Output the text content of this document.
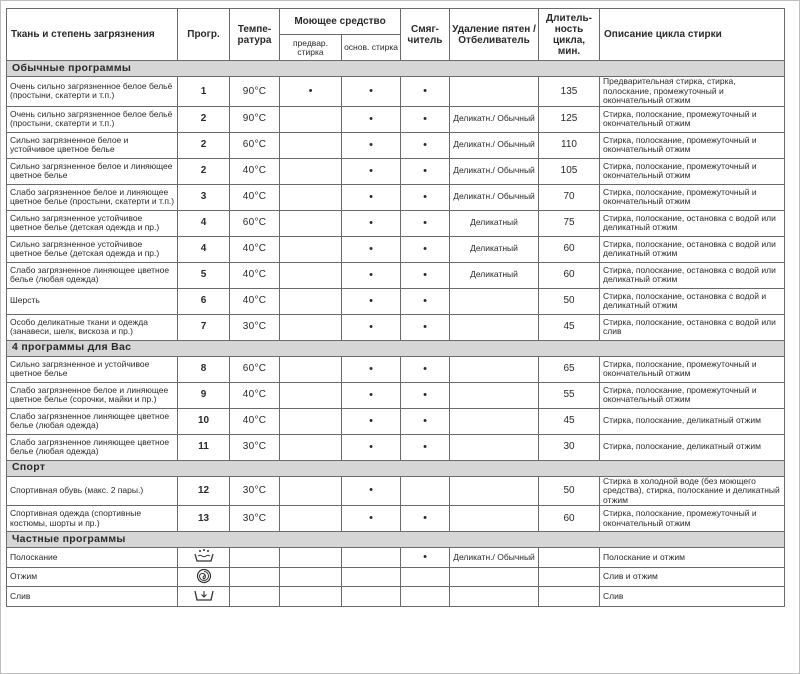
Ткань и степень загрязнения	Прогр.	Темпе-ратура	Моющее средство		Смяг-читель	Удаление пятен / Отбеливатель	Длитель-ность цикла, мин.	Описание цикла стирки
			предвар. стирка	основ. стирка				
Обычные программы								
Очень сильно загрязненное белое бельё (простыни, скатерти и т.п.)	1	90°С	•	•	•		135	Предварительная стирка, стирка, полоскание, промежуточный и окончательный отжим
Очень сильно загрязненное белое бельё (простыни, скатерти и т.п.)	2	90°С		•	•	Деликатн./ Обычный	125	Стирка, полоскание, промежуточный и окончательный отжим
Сильно загрязненное белое и устойчивое цветное белье	2	60°С		•	•	Деликатн./ Обычный	110	Стирка, полоскание, промежуточный и окончательный отжим
Сильно загрязненное белое и линяющее цветное белье	2	40°С		•	•	Деликатн./ Обычный	105	Стирка, полоскание, промежуточный и окончательный отжим
Слабо загрязненное белое и линяющее цветное белье (простыни, скатерти и т.п.)	3	40°С		•	•	Деликатн./ Обычный	70	Стирка, полоскание, промежуточный и окончательный отжим
Сильно загрязненное устойчивое цветное белье (детская одежда и пр.)	4	60°С		•	•	Деликатный	75	Стирка, полоскание, остановка с водой или деликатный отжим
Сильно загрязненное устойчивое цветное белье (детская одежда и пр.)	4	40°С		•	•	Деликатный	60	Стирка, полоскание, остановка с водой или деликатный отжим
Слабо загрязненное линяющее цветное белье (любая одежда)	5	40°С		•	•	Деликатный	60	Стирка, полоскание, остановка с водой или деликатный отжим
Шерсть	6	40°С		•	•		50	Стирка, полоскание, остановка с водой и деликатный отжим
Особо деликатные ткани и одежда (занавеси, шелк, вискоза и пр.)	7	30°С		•	•		45	Стирка, полоскание, остановка с водой или слив
4 программы для Вас								
Сильно загрязненное и устойчивое цветное белье	8	60°С		•	•		65	Стирка, полоскание, промежуточный и окончательный отжим
Слабо загрязненное белое и линяющее цветное белье (сорочки, майки и пр.)	9	40°С		•	•		55	Стирка, полоскание, промежуточный и окончательный отжим
Слабо загрязненное линяющее цветное белье (любая одежда)	10	40°С		•	•		45	Стирка, полоскание, деликатный отжим
Слабо загрязненное линяющее цветное белье (любая одежда)	11	30°С		•	•		30	Стирка, полоскание, деликатный отжим
Спорт								
Спортивная обувь (макс. 2 пары.)	12	30°С		•			50	Стирка в холодной воде (без моющего средства), стирка, полоскание и деликатный отжим
Спортивная одежда (спортивные костюмы, шорты и пр.)	13	30°С		•	•		60	Стирка, полоскание, промежуточный и окончательный отжим
Частные программы								
Полоскание					•	Деликатн./ Обычный		Полоскание и отжим
Отжим								Слив и отжим
Слив								Слив
